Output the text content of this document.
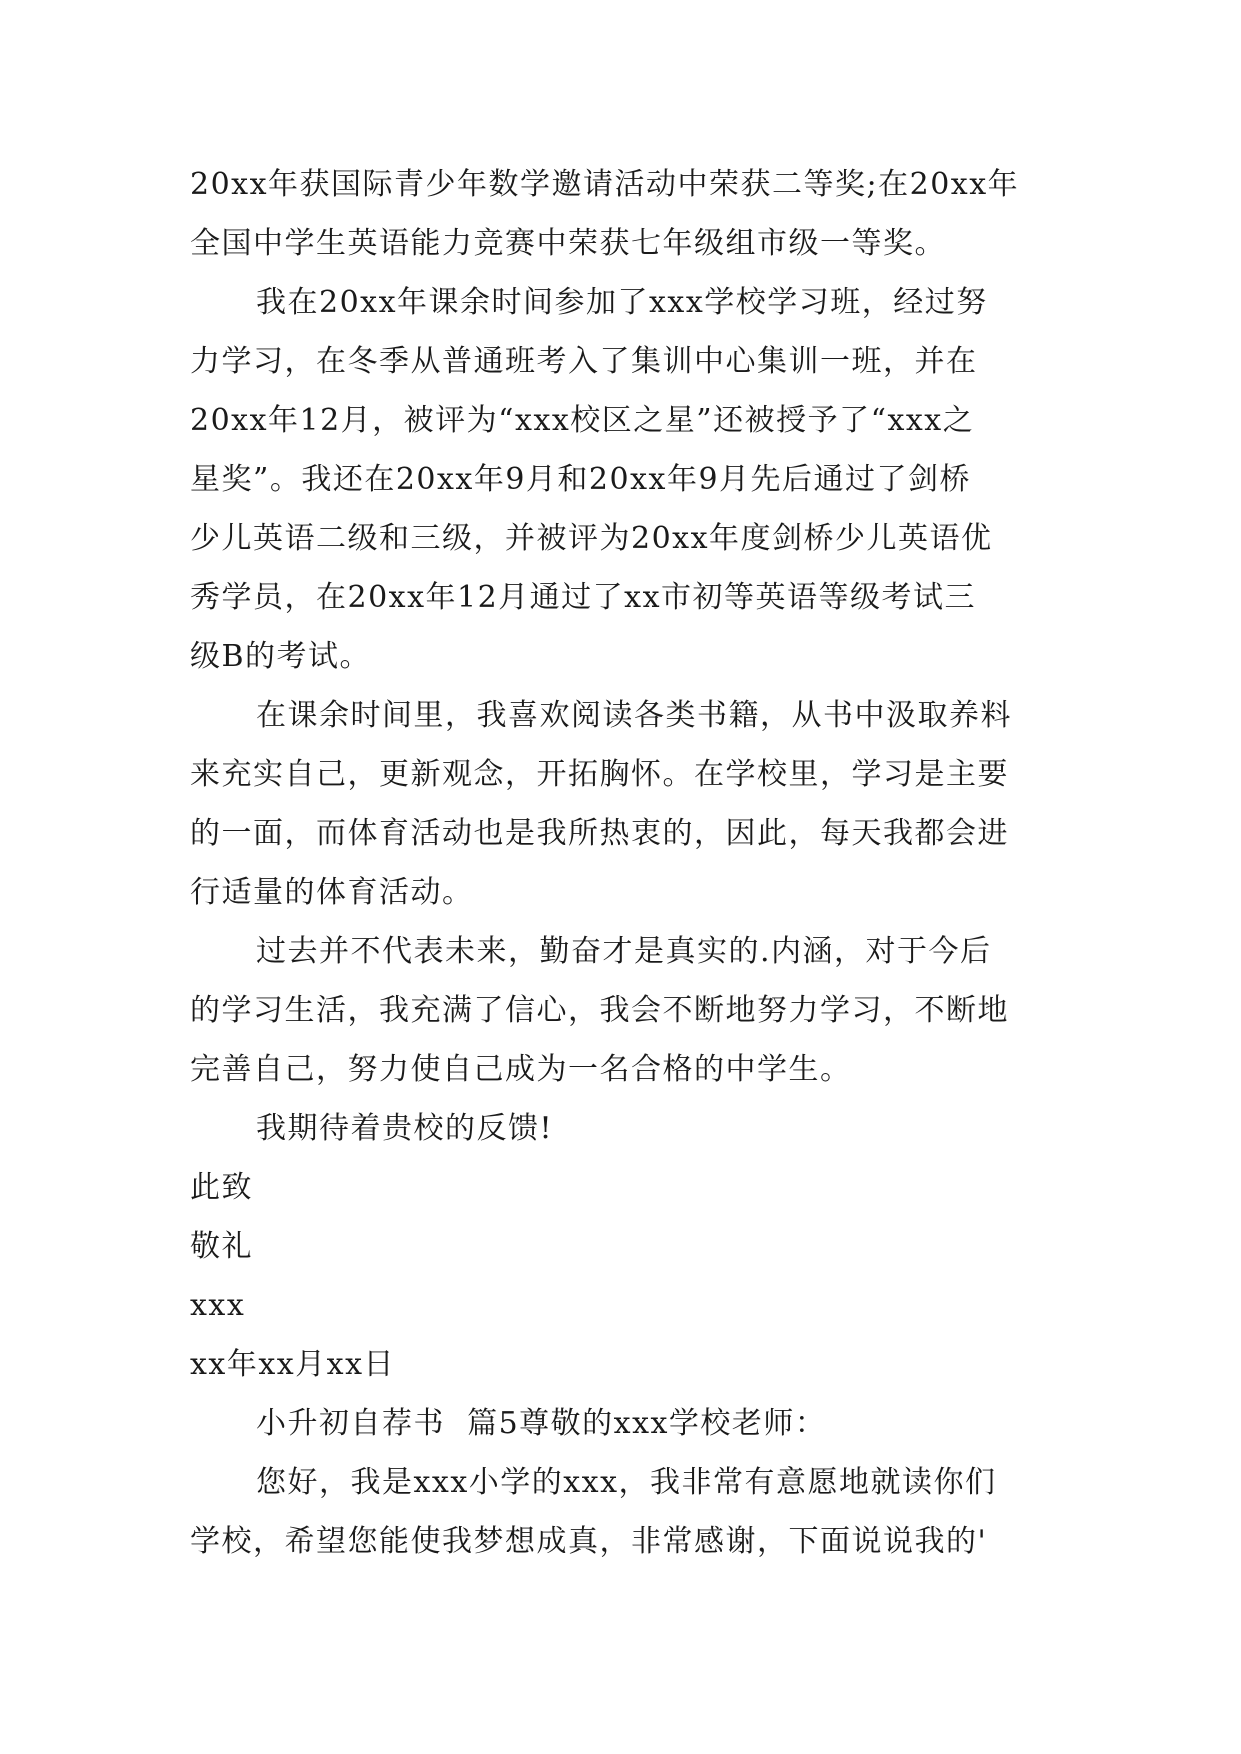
20xx年获国际青少年数学邀请活动中荣获二等奖;在20xx年
全国中学生英语能力竞赛中荣获七年级组市级一等奖。
我在20xx年课余时间参加了xxx学校学习班，经过努
力学习，在冬季从普通班考入了集训中心集训一班，并在
20xx年12月，被评为“xxx校区之星”还被授予了“xxx之
星奖”。我还在20xx年9月和20xx年9月先后通过了剑桥
少儿英语二级和三级，并被评为20xx年度剑桥少儿英语优
秀学员，在20xx年12月通过了xx市初等英语等级考试三
级B的考试。
在课余时间里，我喜欢阅读各类书籍，从书中汲取养料
来充实自己，更新观念，开拓胸怀。在学校里，学习是主要
的一面，而体育活动也是我所热衷的，因此，每天我都会进
行适量的体育活动。
过去并不代表未来，勤奋才是真实的.内涵，对于今后
的学习生活，我充满了信心，我会不断地努力学习，不断地
完善自己，努力使自己成为一名合格的中学生。
我期待着贵校的反馈!
此致
敬礼
xxx
xx年xx月xx日
小升初自荐书  篇5尊敬的xxx学校老师：
您好，我是xxx小学的xxx，我非常有意愿地就读你们
学校，希望您能使我梦想成真，非常感谢，下面说说我的'
